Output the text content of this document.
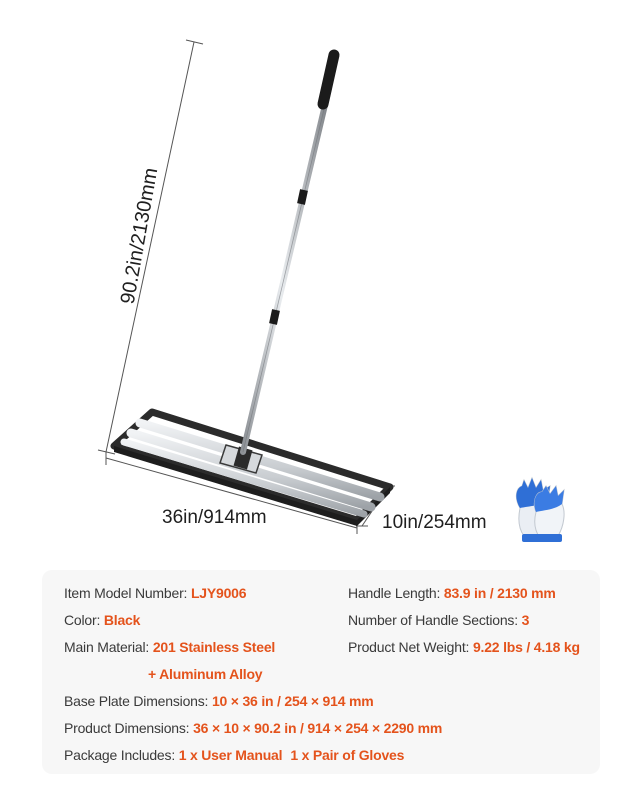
90.2in/2130mm
36in/914mm	10in/254mm
Item Model Number: LJY9006	Handle Length: 83.9 in / 2130 mm
Color: Black	Number of Handle Sections: 3
Main Material: 201 Stainless Steel	Product Net Weight: 9.22 lbs / 4.18 kg
+ Aluminum Alloy
Base Plate Dimensions: 10 × 36 in / 254 × 914 mm
Product Dimensions: 36 × 10 × 90.2 in / 914 × 254 × 2290 mm
Package Includes: 1 x User Manual 1 x Pair of Gloves
